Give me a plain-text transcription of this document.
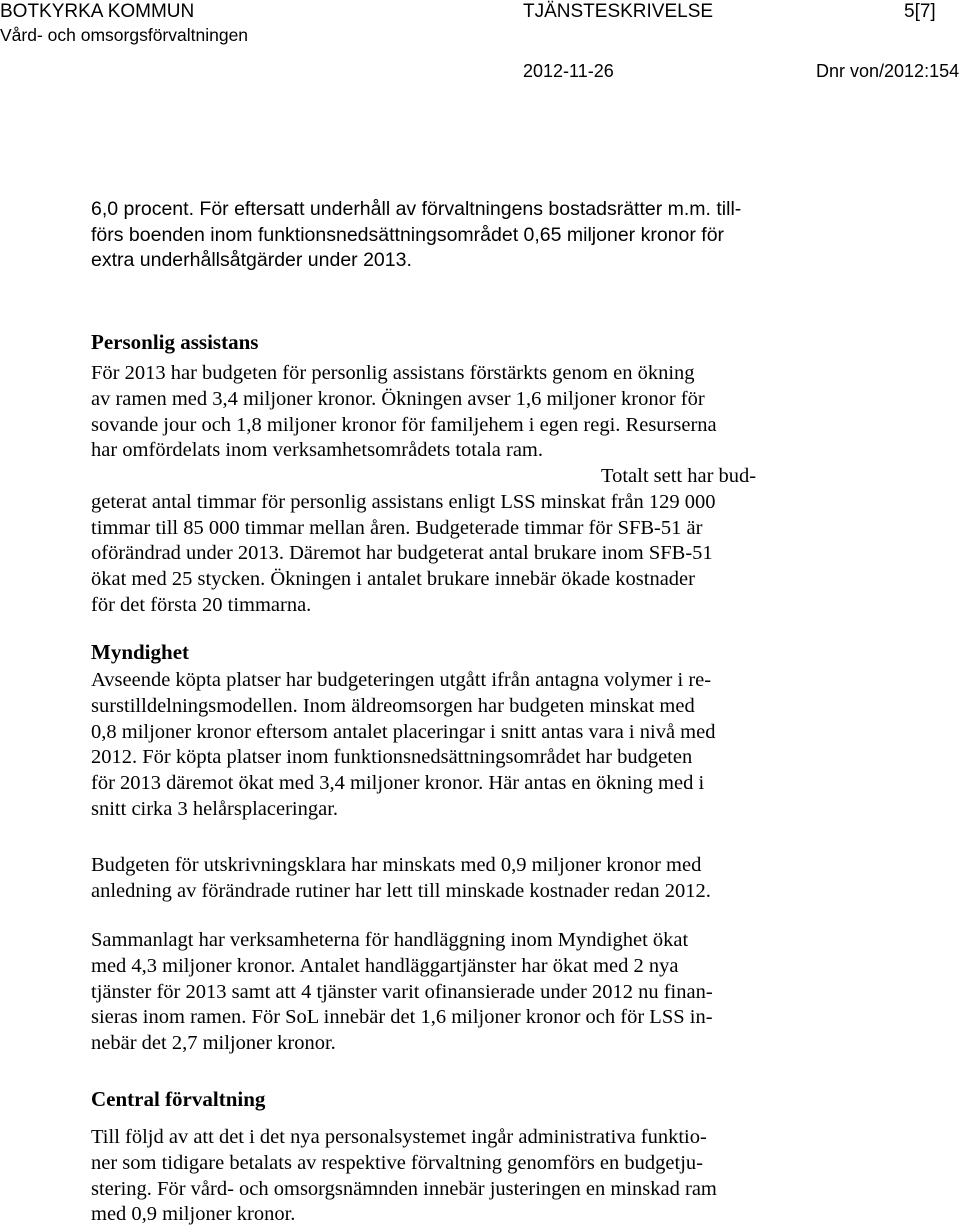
BOTKYRKA KOMMUN
Vård- och omsorgsförvaltningen
TJÄNSTESKRIVELSE	5[7]
2012-11-26	Dnr von/2012:154
6,0 procent. För eftersatt underhåll av förvaltningens bostadsrätter m.m. till-
förs boenden inom funktionsnedsättningsområdet 0,65 miljoner kronor för
extra underhållsåtgärder under 2013.
Personlig assistans
För 2013 har budgeten för personlig assistans förstärkts genom en ökning
av ramen med 3,4 miljoner kronor. Ökningen avser 1,6 miljoner kronor för
sovande jour och 1,8 miljoner kronor för familjehem i egen regi. Resurserna
har omfördelats inom verksamhetsområdets totala ram.
Totalt sett har bud-
geterat antal timmar för personlig assistans enligt LSS minskat från 129 000
timmar till 85 000 timmar mellan åren. Budgeterade timmar för SFB-51 är
oförändrad under 2013. Däremot har budgeterat antal brukare inom SFB-51
ökat med 25 stycken. Ökningen i antalet brukare innebär ökade kostnader
för det första 20 timmarna.
Myndighet
Avseende köpta platser har budgeteringen utgått ifrån antagna volymer i re-
surstilldelningsmodellen. Inom äldreomsorgen har budgeten minskat med
0,8 miljoner kronor eftersom antalet placeringar i snitt antas vara i nivå med
2012. För köpta platser inom funktionsnedsättningsområdet har budgeten
för 2013 däremot ökat med 3,4 miljoner kronor. Här antas en ökning med i
snitt cirka 3 helårsplaceringar.
Budgeten för utskrivningsklara har minskats med 0,9 miljoner kronor med
anledning av förändrade rutiner har lett till minskade kostnader redan 2012.
Sammanlagt har verksamheterna för handläggning inom Myndighet ökat
med 4,3 miljoner kronor. Antalet handläggartjänster har ökat med 2 nya
tjänster för 2013 samt att 4 tjänster varit ofinansierade under 2012 nu finan-
sieras inom ramen. För SoL innebär det 1,6 miljoner kronor och för LSS in-
nebär det 2,7 miljoner kronor.
Central förvaltning
Till följd av att det i det nya personalsystemet ingår administrativa funktio-
ner som tidigare betalats av respektive förvaltning genomförs en budgetju-
stering. För vård- och omsorgsnämnden innebär justeringen en minskad ram
med 0,9 miljoner kronor.
